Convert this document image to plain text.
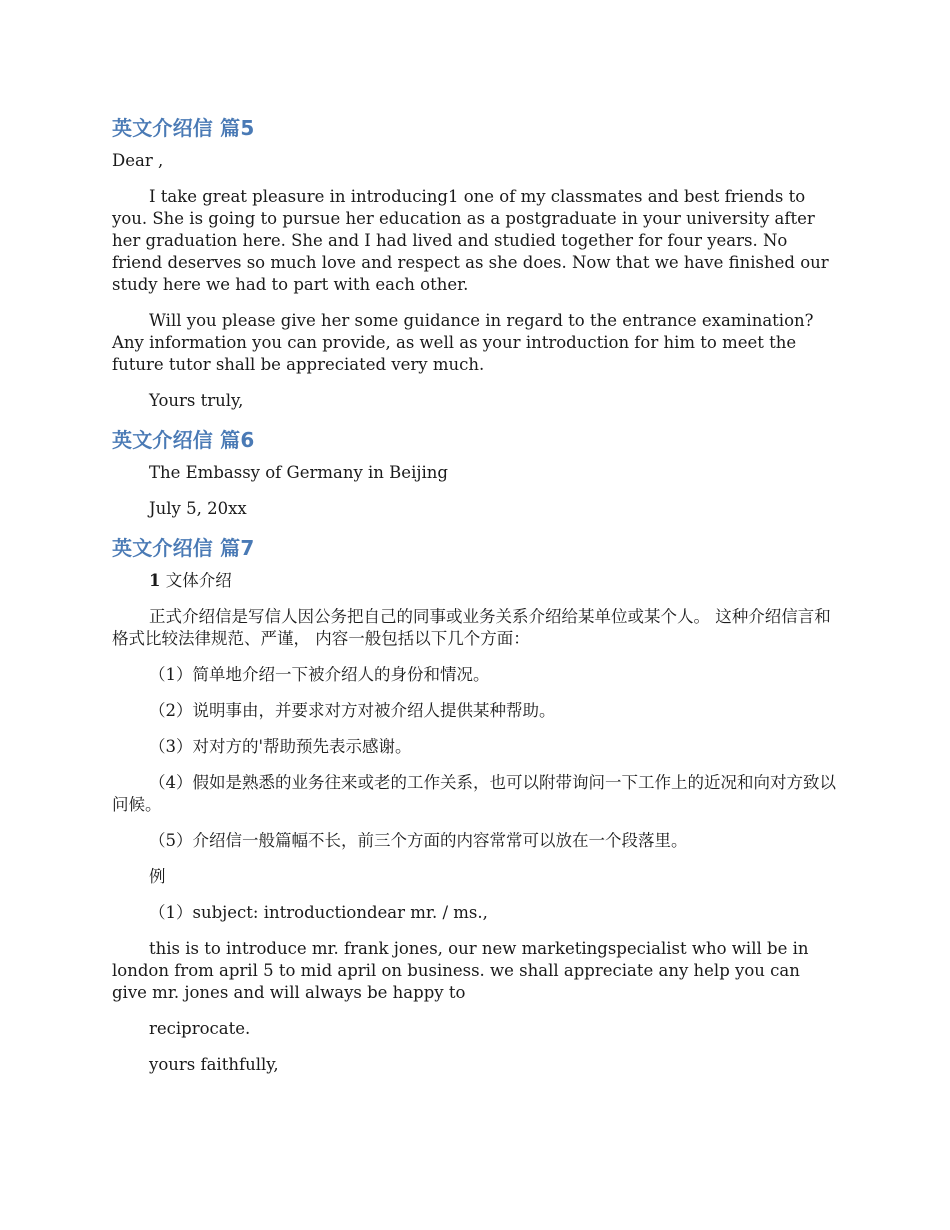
英文介绍信 篇5

Dear ,

I take great pleasure in introducing1 one of my classmates and best friends to you. She is going to pursue her education as a postgraduate in your university after her graduation here. She and I had lived and studied together for four years. No friend deserves so much love and respect as she does. Now that we have finished our study here we had to part with each other.

Will you please give her some guidance in regard to the entrance examination? Any information you can provide, as well as your introduction for him to meet the future tutor shall be appreciated very much.

Yours truly,

英文介绍信 篇6

The Embassy of Germany in Beijing

July 5, 20xx

英文介绍信 篇7

1 文体介绍

正式介绍信是写信人因公务把自己的同事或业务关系介绍给某单位或某个人。 这种介绍信言和格式比较法律规范、严谨， 内容一般包括以下几个方面：

（1）简单地介绍一下被介绍人的身份和情况。

（2）说明事由，并要求对方对被介绍人提供某种帮助。

（3）对对方的'帮助预先表示感谢。

（4）假如是熟悉的业务往来或老的工作关系，也可以附带询问一下工作上的近况和向对方致以问候。

（5）介绍信一般篇幅不长，前三个方面的内容常常可以放在一个段落里。

例

（1）subject: introductiondear mr. / ms.,

this is to introduce mr. frank jones, our new marketingspecialist who will be in london from april 5 to mid april on business. we shall appreciate any help you can give mr. jones and will always be happy to

reciprocate.

yours faithfully,
